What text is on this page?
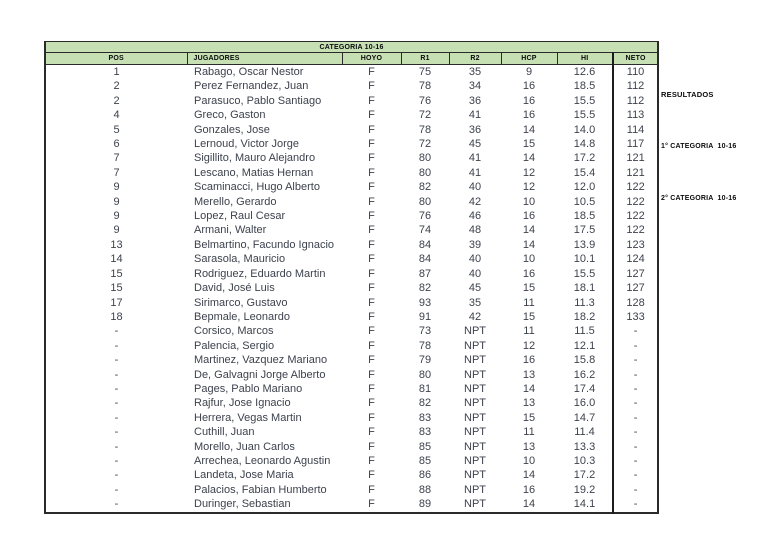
CATEGORIA 10-16							
POS	JUGADORES	HOYO	R1	R2	HCP	HI	NETO
1	Rabago, Oscar Nestor	F	75	35	9	12.6	110
2	Perez Fernandez, Juan	F	78	34	16	18.5	112
2	Parasuco, Pablo Santiago	F	76	36	16	15.5	112
4	Greco, Gaston	F	72	41	16	15.5	113
5	Gonzales, Jose	F	78	36	14	14.0	114
6	Lernoud, Victor Jorge	F	72	45	15	14.8	117
7	Sigillito, Mauro Alejandro	F	80	41	14	17.2	121
7	Lescano, Matias Hernan	F	80	41	12	15.4	121
9	Scaminacci, Hugo Alberto	F	82	40	12	12.0	122
9	Merello, Gerardo	F	80	42	10	10.5	122
9	Lopez, Raul Cesar	F	76	46	16	18.5	122
9	Armani, Walter	F	74	48	14	17.5	122
13	Belmartino, Facundo Ignacio	F	84	39	14	13.9	123
14	Sarasola, Mauricio	F	84	40	10	10.1	124
15	Rodriguez, Eduardo Martin	F	87	40	16	15.5	127
15	David, José Luis	F	82	45	15	18.1	127
17	Sirimarco, Gustavo	F	93	35	11	11.3	128
18	Bepmale, Leonardo	F	91	42	15	18.2	133
-	Corsico, Marcos	F	73	NPT	11	11.5	-
-	Palencia, Sergio	F	78	NPT	12	12.1	-
-	Martinez, Vazquez Mariano	F	79	NPT	16	15.8	-
-	De, Galvagni Jorge Alberto	F	80	NPT	13	16.2	-
-	Pages, Pablo Mariano	F	81	NPT	14	17.4	-
-	Rajfur, Jose Ignacio	F	82	NPT	13	16.0	-
-	Herrera, Vegas Martin	F	83	NPT	15	14.7	-
-	Cuthill, Juan	F	83	NPT	11	11.4	-
-	Morello, Juan Carlos	F	85	NPT	13	13.3	-
-	Arrechea, Leonardo Agustin	F	85	NPT	10	10.3	-
-	Landeta, Jose Maria	F	86	NPT	14	17.2	-
-	Palacios, Fabian Humberto	F	88	NPT	16	19.2	-
-	Duringer, Sebastian	F	89	NPT	14	14.1	-

RESULTADOS

1° CATEGORIA  10-16

2° CATEGORIA  10-16
